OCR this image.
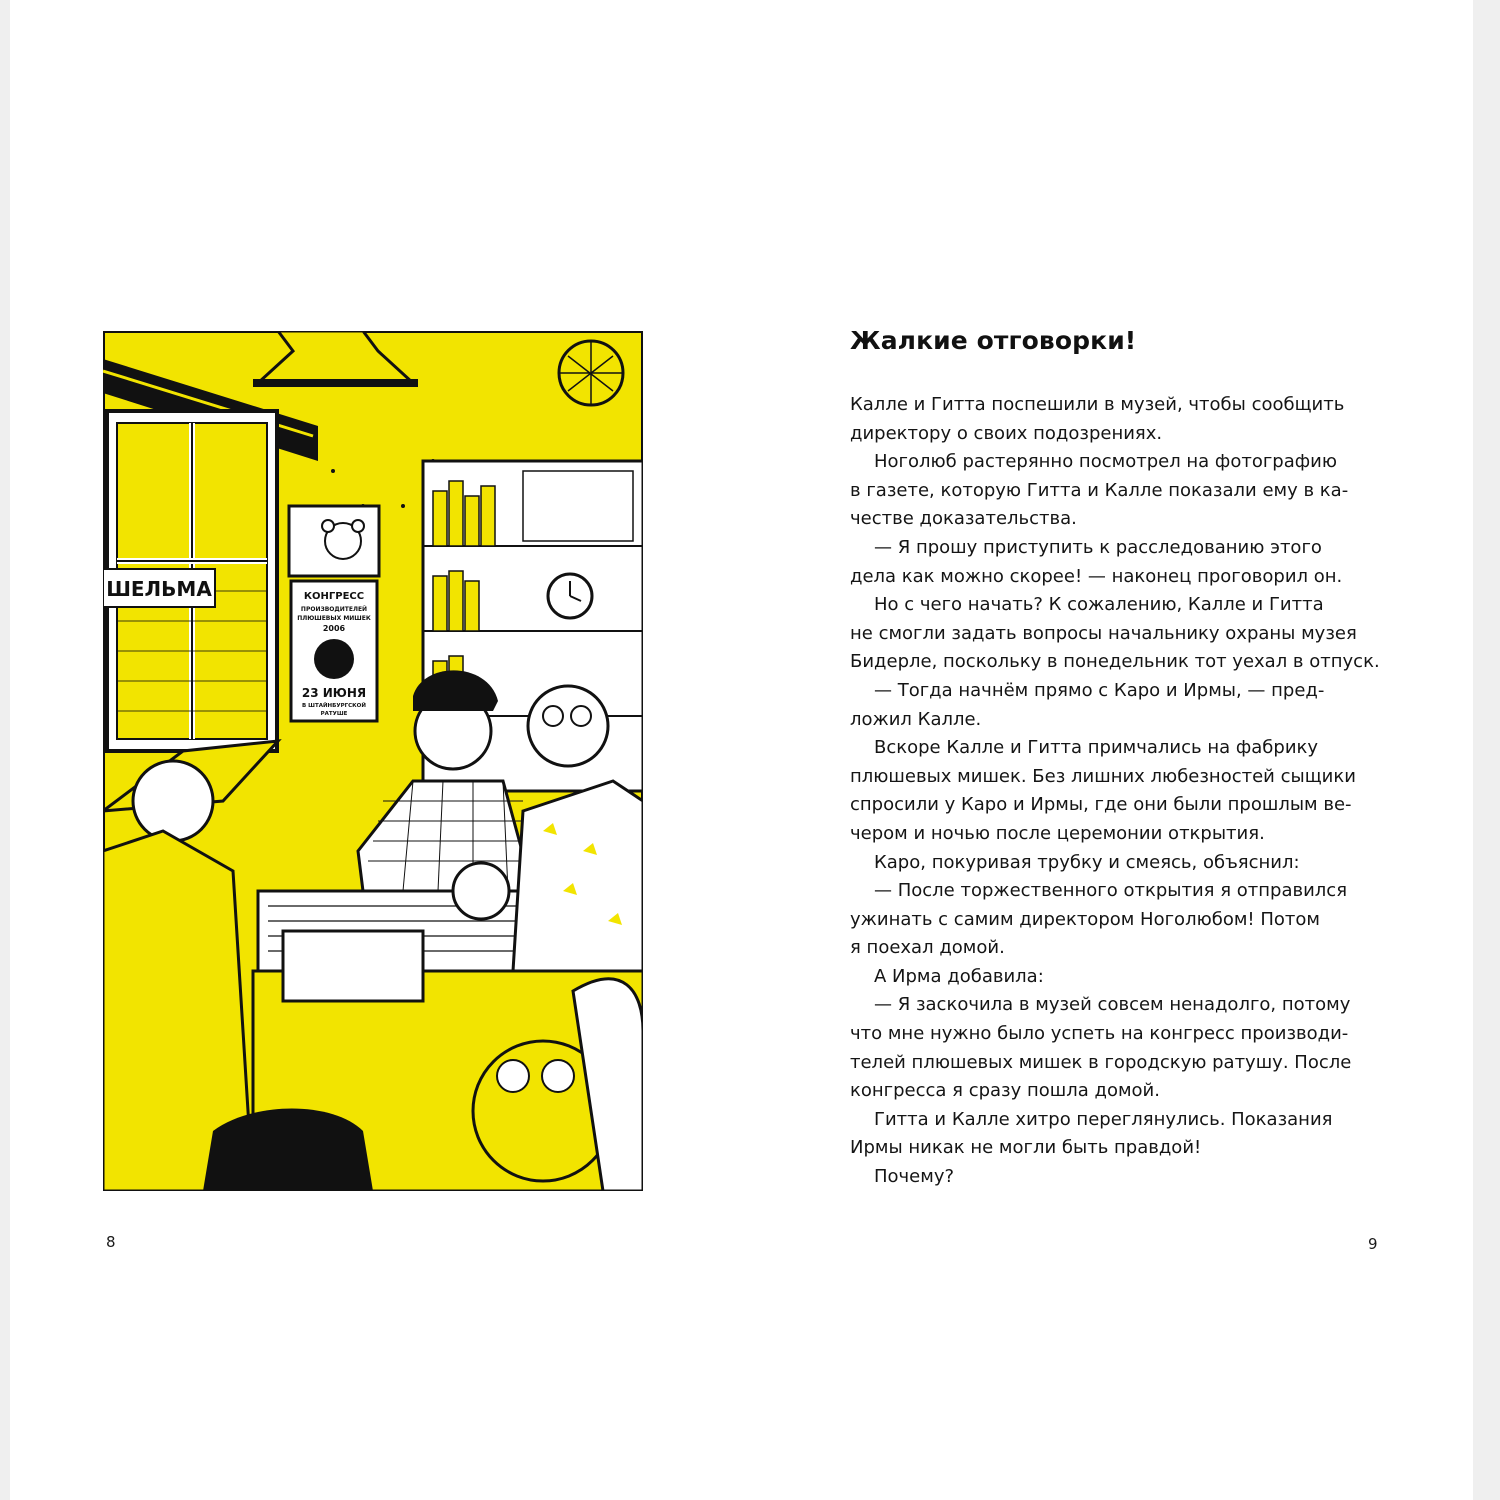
ШЕЛЬМА	КОНГРЕСС
ПРОИЗВОДИТЕЛЕЙ
ПЛЮШЕВЫХ МИШЕК
2006
23 ИЮНЯ
В ШТАЙНБУРГСКОЙ
РАТУШЕ
8
Жалкие отговорки!
Калле и Гитта поспешили в музей, чтобы сообщить
директору о своих подозрениях.
Ноголюб растерянно посмотрел на фотографию
в газете, которую Гитта и Калле показали ему в ка-
честве доказательства.
— Я прошу приступить к расследованию этого
дела как можно скорее! — наконец проговорил он.
Но с чего начать? К сожалению, Калле и Гитта
не смогли задать вопросы начальнику охраны музея
Бидерле, поскольку в понедельник тот уехал в отпуск.
— Тогда начнём прямо с Каро и Ирмы, — пред-
ложил Калле.
Вскоре Калле и Гитта примчались на фабрику
плюшевых мишек. Без лишних любезностей сыщики
спросили у Каро и Ирмы, где они были прошлым ве-
чером и ночью после церемонии открытия.
Каро, покуривая трубку и смеясь, объяснил:
— После торжественного открытия я отправился
ужинать с самим директором Ноголюбом! Потом
я поехал домой.
А Ирма добавила:
— Я заскочила в музей совсем ненадолго, потому
что мне нужно было успеть на конгресс производи-
телей плюшевых мишек в городскую ратушу. После
конгресса я сразу пошла домой.
Гитта и Калле хитро переглянулись. Показания
Ирмы никак не могли быть правдой!
Почему?
9
